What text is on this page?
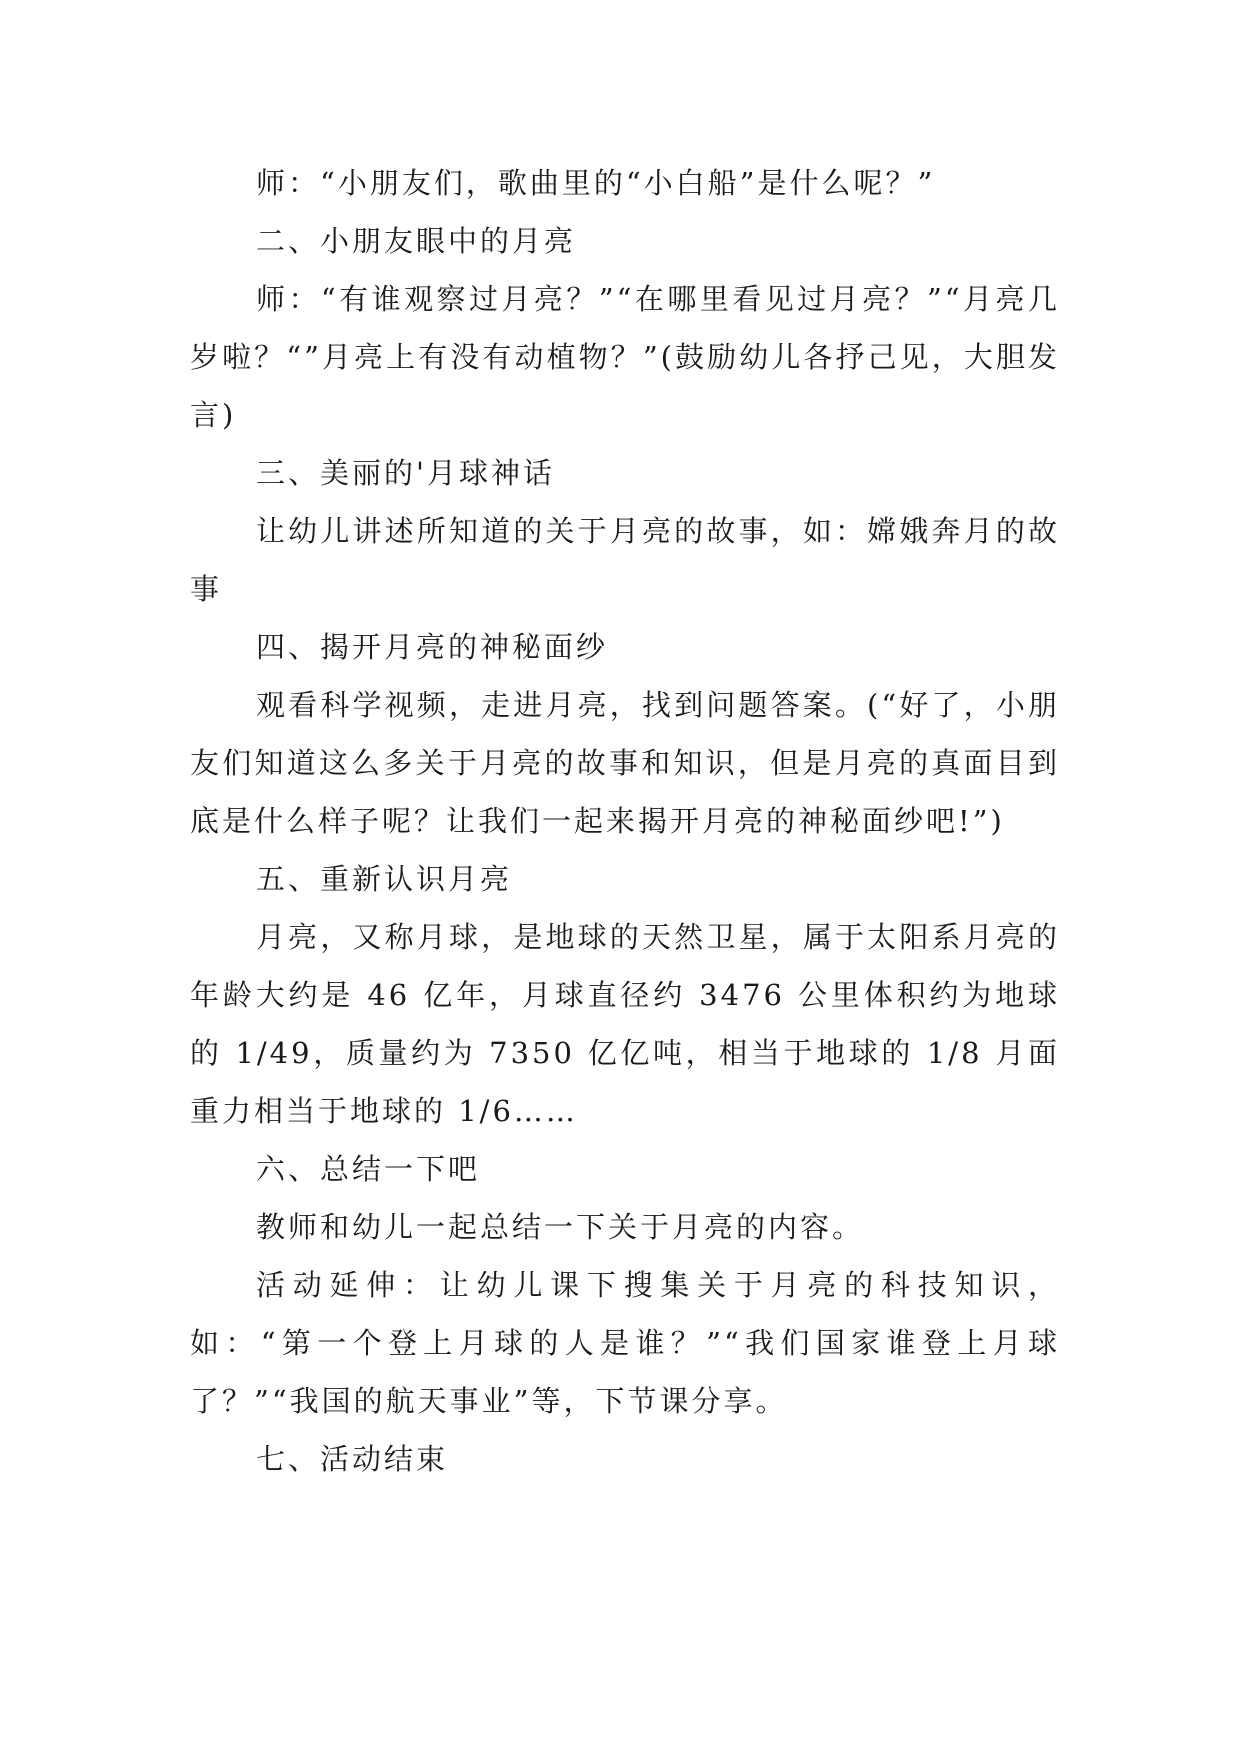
师：“小朋友们，歌曲里的“小白船”是什么呢？”

二、小朋友眼中的月亮

师：“有谁观察过月亮？”“在哪里看见过月亮？”“月亮几岁啦？“”月亮上有没有动植物？”(鼓励幼儿各抒己见，大胆发言)

三、美丽的'月球神话

让幼儿讲述所知道的关于月亮的故事，如：嫦娥奔月的故事

四、揭开月亮的神秘面纱

观看科学视频，走进月亮，找到问题答案。(“好了，小朋友们知道这么多关于月亮的故事和知识，但是月亮的真面目到底是什么样子呢？让我们一起来揭开月亮的神秘面纱吧!”)

五、重新认识月亮

月亮，又称月球，是地球的天然卫星，属于太阳系月亮的年龄大约是 46 亿年，月球直径约 3476 公里体积约为地球的 1/49，质量约为 7350 亿亿吨，相当于地球的 1/8 月面重力相当于地球的 1/6……

六、总结一下吧

教师和幼儿一起总结一下关于月亮的内容。

活动延伸：让幼儿课下搜集关于月亮的科技知识，如：“第一个登上月球的人是谁？”“我们国家谁登上月球了？”“我国的航天事业”等，下节课分享。

七、活动结束
